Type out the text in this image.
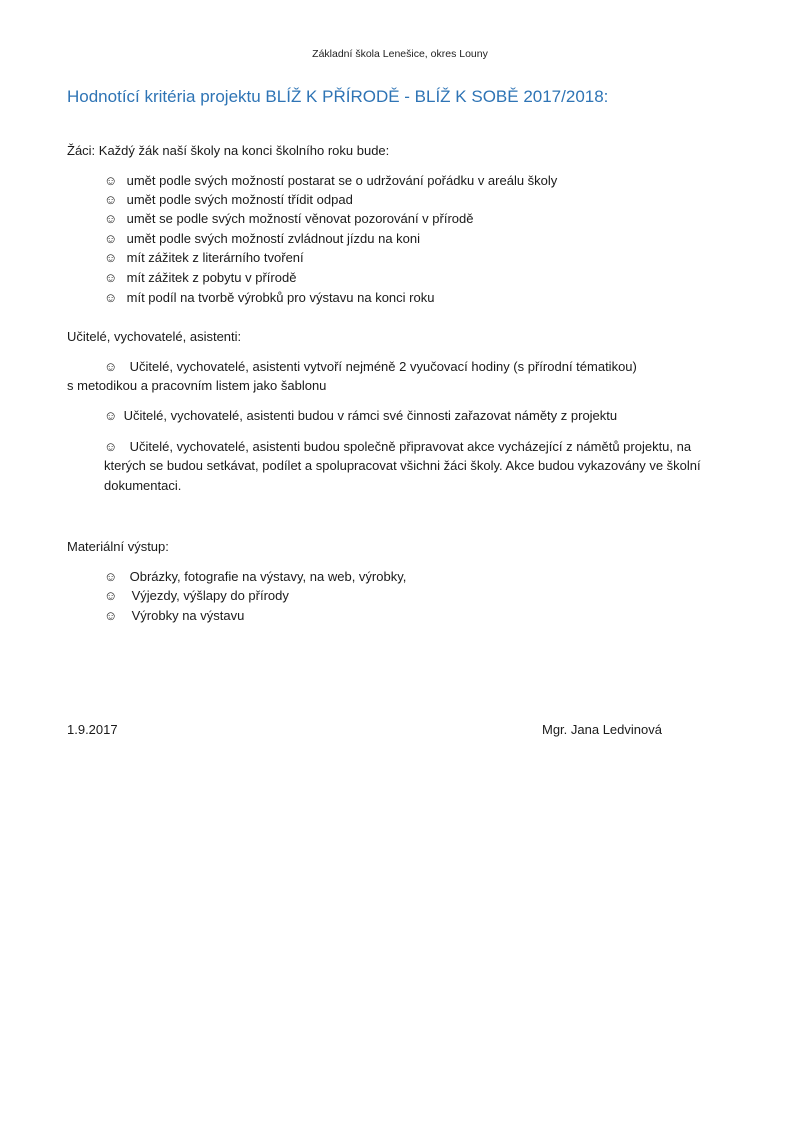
Základní škola Lenešice, okres Louny
Hodnotící kritéria projektu BLÍŽ K PŘÍRODĚ - BLÍŽ K SOBĚ 2017/2018:
Žáci: Každý žák naší školy na konci školního roku bude:
☺ umět podle svých možností postarat se o udržování pořádku v areálu školy
☺ umět podle svých možností třídit odpad
☺ umět se podle svých možností věnovat pozorování v přírodě
☺ umět podle svých možností zvládnout jízdu na koni
☺ mít zážitek z literárního tvoření
☺ mít zážitek z pobytu v přírodě
☺ mít podíl na tvorbě výrobků pro výstavu na konci roku
Učitelé, vychovatelé, asistenti:
☺ Učitelé, vychovatelé, asistenti vytvoří nejméně 2 vyučovací hodiny (s přírodní tématikou)
s metodikou a pracovním listem jako šablonu
☺ Učitelé, vychovatelé, asistenti budou v rámci své činnosti zařazovat náměty z projektu
☺ Učitelé, vychovatelé, asistenti budou společně připravovat akce vycházející z námětů projektu, na
kterých se budou setkávat, podílet a spolupracovat všichni žáci školy. Akce budou vykazovány ve školní
dokumentaci.
Materiální výstup:
☺ Obrázky, fotografie na výstavy, na web, výrobky,
☺ Výjezdy, výšlapy do přírody
☺ Výrobky na výstavu
1.9.2017	Mgr. Jana Ledvinová
